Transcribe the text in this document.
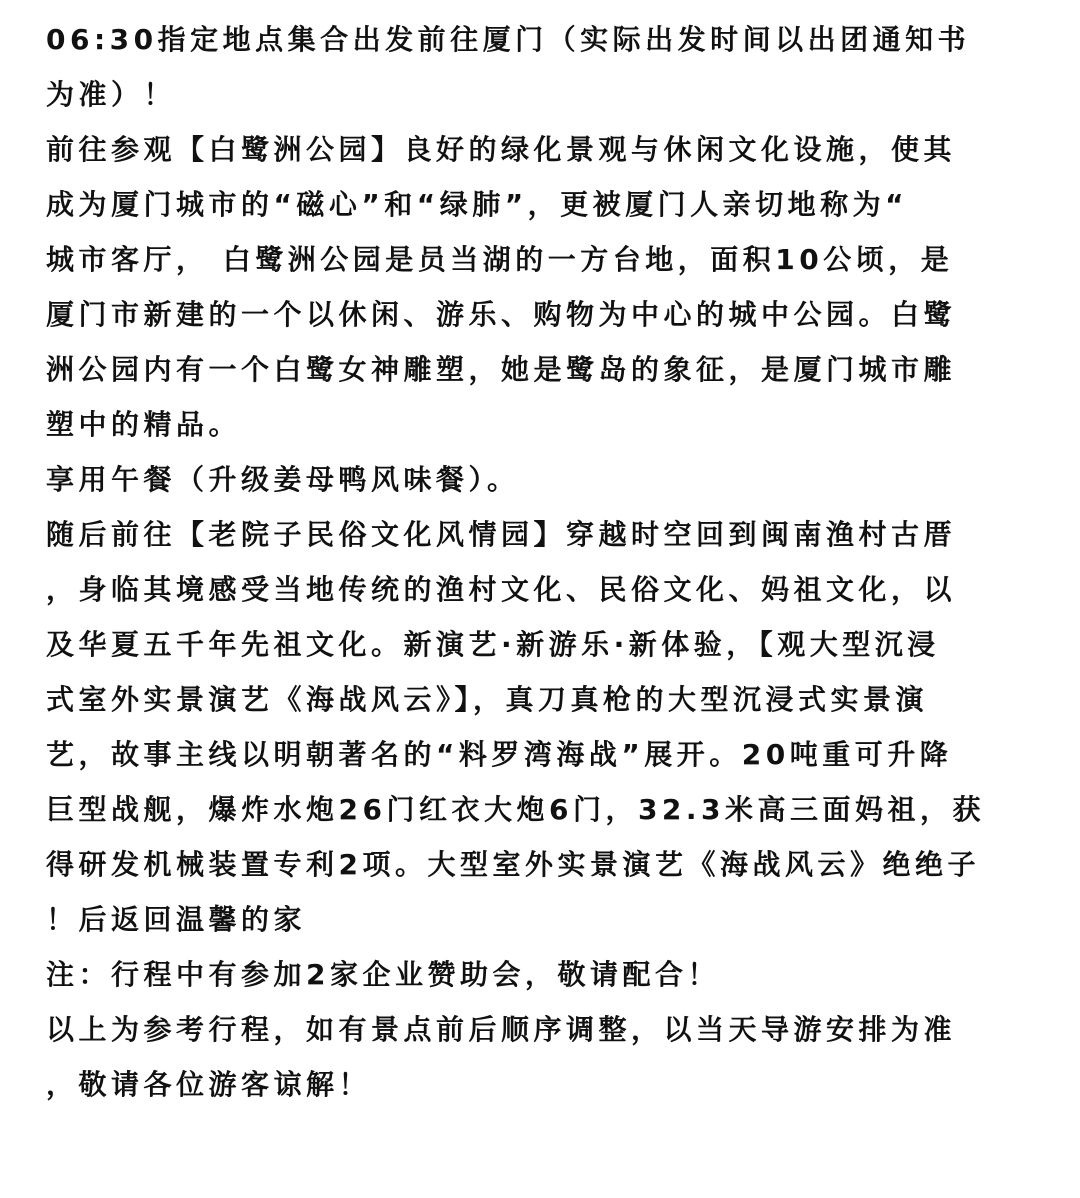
06:30指定地点集合出发前往厦门（实际出发时间以出团通知书
为准）！
前往参观【白鹭洲公园】良好的绿化景观与休闲文化设施，使其
成为厦门城市的“磁心”和“绿肺”，更被厦门人亲切地称为“
城市客厅， 白鹭洲公园是员当湖的一方台地，面积10公顷，是
厦门市新建的一个以休闲、游乐、购物为中心的城中公园。白鹭
洲公园内有一个白鹭女神雕塑，她是鹭岛的象征，是厦门城市雕
塑中的精品。
享用午餐（升级姜母鸭风味餐）。
随后前往【老院子民俗文化风情园】穿越时空回到闽南渔村古厝
，身临其境感受当地传统的渔村文化、民俗文化、妈祖文化，以
及华夏五千年先祖文化。新演艺·新游乐·新体验，【观大型沉浸
式室外实景演艺《海战风云》】，真刀真枪的大型沉浸式实景演
艺，故事主线以明朝著名的“料罗湾海战”展开。20吨重可升降
巨型战舰，爆炸水炮26门红衣大炮6门，32.3米高三面妈祖，获
得研发机械装置专利2项。大型室外实景演艺《海战风云》绝绝子
！后返回温馨的家
注：行程中有参加2家企业赞助会，敬请配合！
以上为参考行程，如有景点前后顺序调整，以当天导游安排为准
，敬请各位游客谅解！
